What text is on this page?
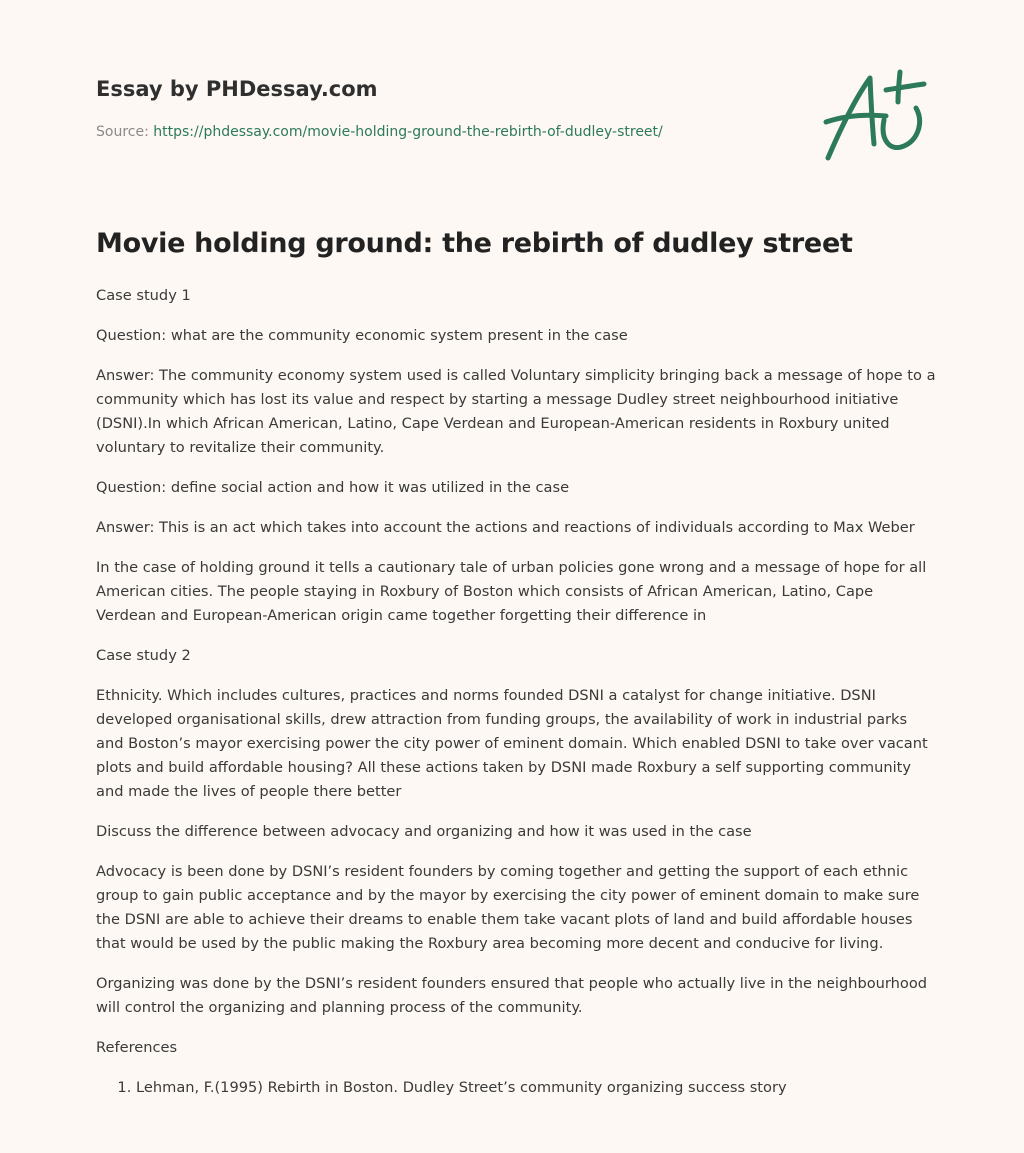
Essay by PHDessay.com
Source: https://phdessay.com/movie-holding-ground-the-rebirth-of-dudley-street/
Movie holding ground: the rebirth of dudley street

Case study 1

Question: what are the community economic system present in the case

Answer: The community economy system used is called Voluntary simplicity bringing back a message of hope to a community which has lost its value and respect by starting a message Dudley street neighbourhood initiative (DSNI).In which African American, Latino, Cape Verdean and European-American residents in Roxbury united voluntary to revitalize their community.

Question: define social action and how it was utilized in the case

Answer: This is an act which takes into account the actions and reactions of individuals according to Max Weber

In the case of holding ground it tells a cautionary tale of urban policies gone wrong and a message of hope for all American cities. The people staying in Roxbury of Boston which consists of African American, Latino, Cape Verdean and European-American origin came together forgetting their difference in

Case study 2

Ethnicity. Which includes cultures, practices and norms founded DSNI a catalyst for change initiative. DSNI developed organisational skills, drew attraction from funding groups, the availability of work in industrial parks and Boston’s mayor exercising power the city power of eminent domain. Which enabled DSNI to take over vacant plots and build affordable housing? All these actions taken by DSNI made Roxbury a self supporting community and made the lives of people there better

Discuss the difference between advocacy and organizing and how it was used in the case

Advocacy is been done by DSNI’s resident founders by coming together and getting the support of each ethnic group to gain public acceptance and by the mayor by exercising the city power of eminent domain to make sure the DSNI are able to achieve their dreams to enable them take vacant plots of land and build affordable houses that would be used by the public making the Roxbury area becoming more decent and conducive for living.

Organizing was done by the DSNI’s resident founders ensured that people who actually live in the neighbourhood will control the organizing and planning process of the community.

References

1. Lehman, F.(1995) Rebirth in Boston. Dudley Street’s community organizing success story
